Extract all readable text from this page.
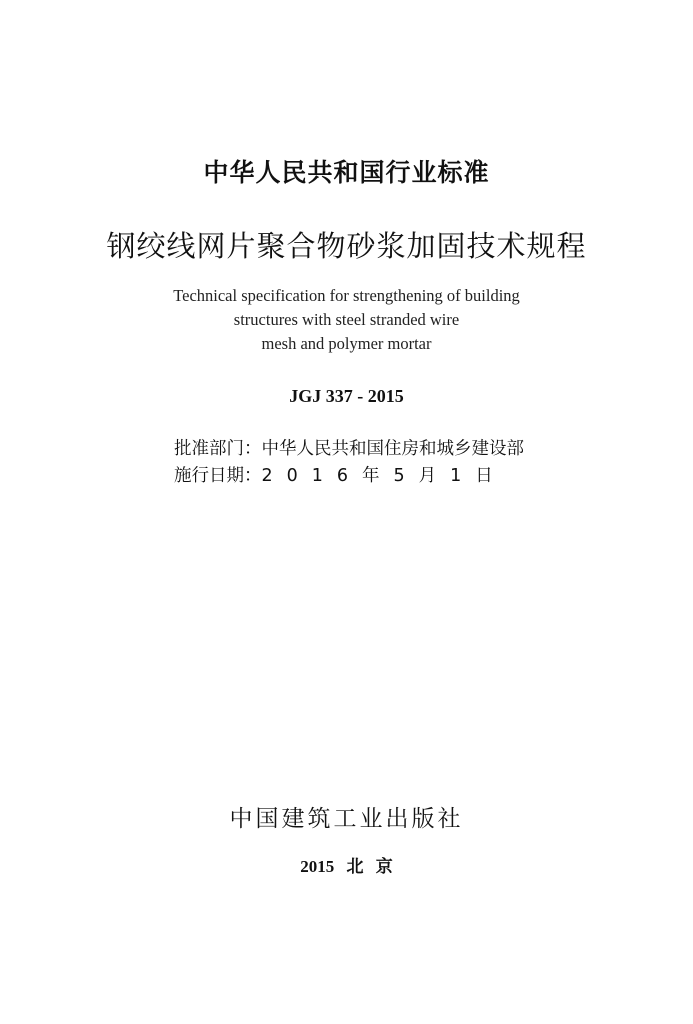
中华人民共和国行业标准
钢绞线网片聚合物砂浆加固技术规程
Technical specification for strengthening of building
structures with steel stranded wire
mesh and polymer mortar
JGJ 337 - 2015
批准部门：中华人民共和国住房和城乡建设部
施行日期：2016年5月1日
中国建筑工业出版社
2015 北 京
